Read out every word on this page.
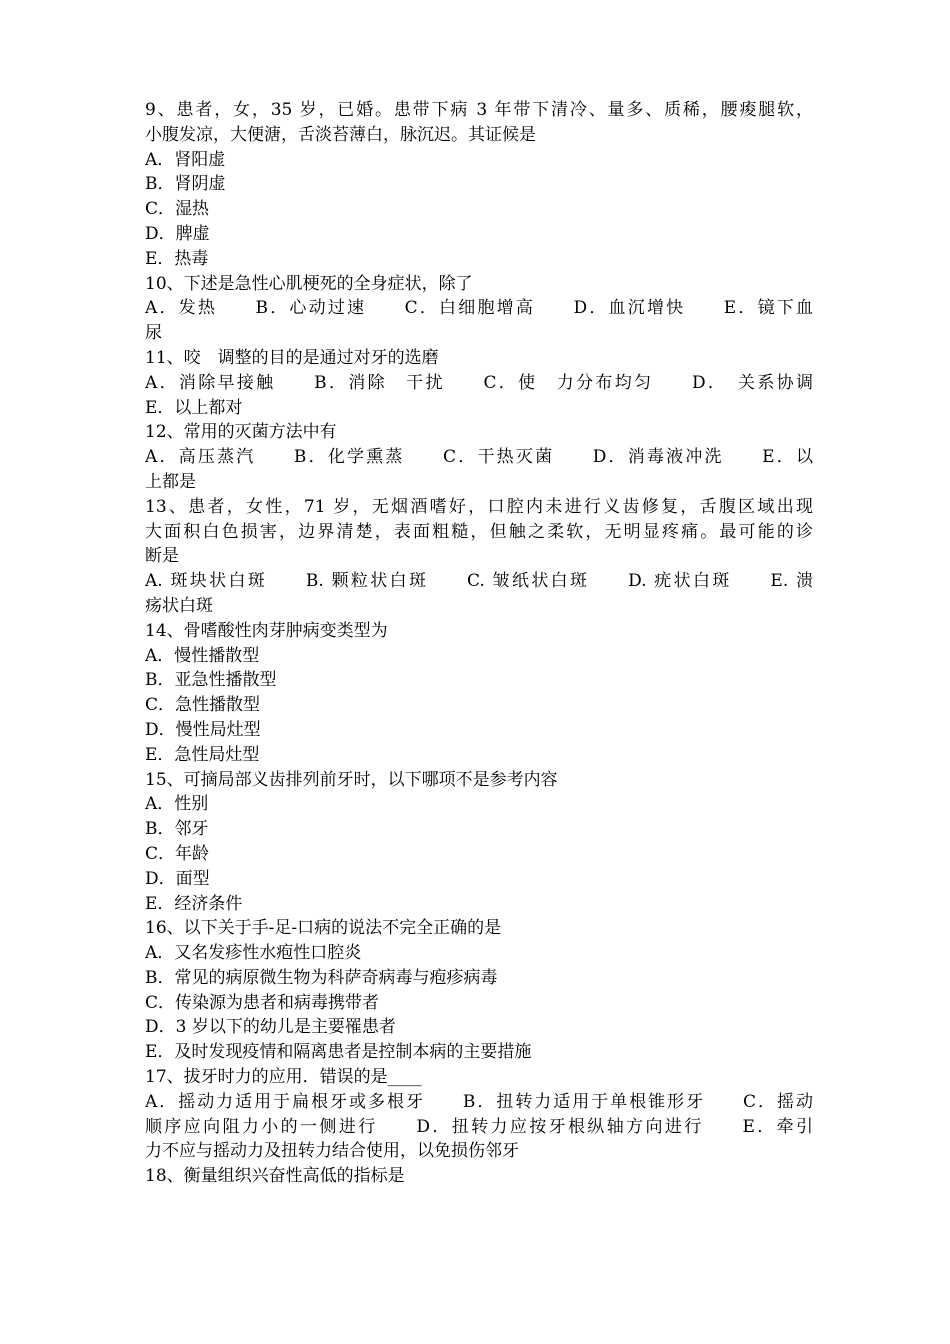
9、患者，女，35 岁，已婚。患带下病 3 年带下清冷、量多、质稀，腰痠腿软，
小腹发凉，大便溏，舌淡苔薄白，脉沉迟。其证候是
A．肾阳虚
B．肾阴虚
C．湿热
D．脾虚
E．热毒
10、下述是急性心肌梗死的全身症状，除了
A．发热　　B．心动过速　　C．白细胞增高　　D．血沉增快　　E．镜下血
尿
11、咬　调整的目的是通过对牙的选磨
A．消除早接触　　B．消除　干扰　　C．使　力分布均匀　　D．　关系协调
E．以上都对
12、常用的灭菌方法中有
A．高压蒸汽　　B．化学熏蒸　　C．干热灭菌　　D．消毒液冲洗　　E．以
上都是
13、患者，女性，71 岁，无烟酒嗜好，口腔内未进行义齿修复，舌腹区域出现
大面积白色损害，边界清楚，表面粗糙，但触之柔软，无明显疼痛。最可能的诊
断是
A. 斑块状白斑　　B. 颗粒状白斑　　C. 皱纸状白斑　　D. 疣状白斑　　E. 溃
疡状白斑
14、骨嗜酸性肉芽肿病变类型为
A．慢性播散型
B．亚急性播散型
C．急性播散型
D．慢性局灶型
E．急性局灶型
15、可摘局部义齿排列前牙时，以下哪项不是参考内容
A．性别
B．邻牙
C．年龄
D．面型
E．经济条件
16、以下关于手-足-口病的说法不完全正确的是
A．又名发疹性水疱性口腔炎
B．常见的病原微生物为科萨奇病毒与疱疹病毒
C．传染源为患者和病毒携带者
D．3 岁以下的幼儿是主要罹患者
E．及时发现疫情和隔离患者是控制本病的主要措施
17、拔牙时力的应用．错误的是____
A．摇动力适用于扁根牙或多根牙　　B．扭转力适用于单根锥形牙　　C．摇动
顺序应向阻力小的一侧进行　　D．扭转力应按牙根纵轴方向进行　　E．牵引
力不应与摇动力及扭转力结合使用，以免损伤邻牙
18、衡量组织兴奋性高低的指标是
